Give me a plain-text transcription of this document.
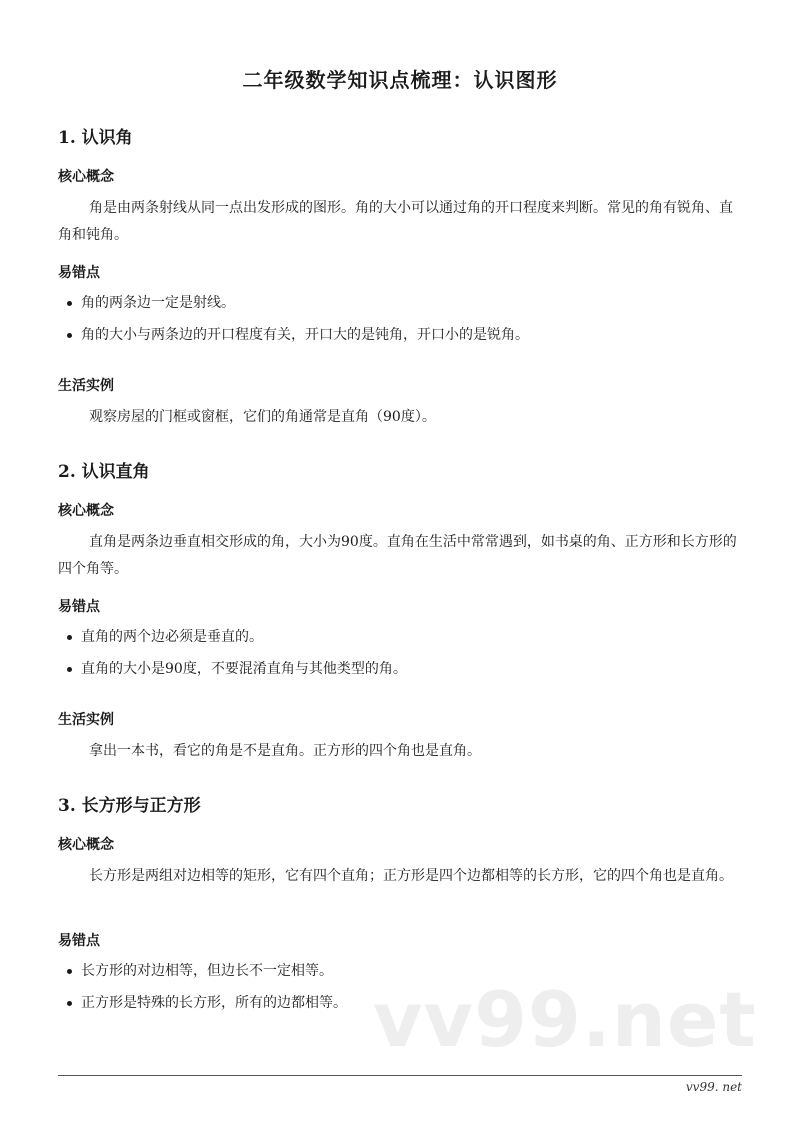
二年级数学知识点梳理：认识图形
1. 认识角
核心概念

角是由两条射线从同一点出发形成的图形。角的大小可以通过角的开口程度来判断。常见的角有锐角、直角和钝角。

易错点
角的两条边一定是射线。
角的大小与两条边的开口程度有关，开口大的是钝角，开口小的是锐角。
生活实例

观察房屋的门框或窗框，它们的角通常是直角（90度）。

2. 认识直角
核心概念

直角是两条边垂直相交形成的角，大小为90度。直角在生活中常常遇到，如书桌的角、正方形和长方形的四个角等。

易错点
直角的两个边必须是垂直的。
直角的大小是90度，不要混淆直角与其他类型的角。
生活实例

拿出一本书，看它的角是不是直角。正方形的四个角也是直角。

3. 长方形与正方形
核心概念

长方形是两组对边相等的矩形，它有四个直角；正方形是四个边都相等的长方形，它的四个角也是直角。

易错点
长方形的对边相等，但边长不一定相等。
正方形是特殊的长方形，所有的边都相等。 vv99.net
vv99. net
